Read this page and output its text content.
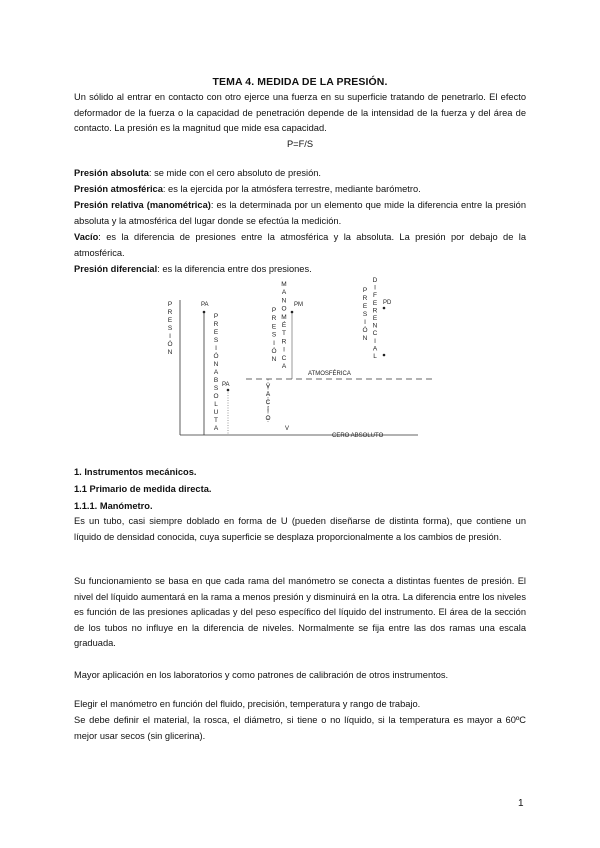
TEMA 4. MEDIDA DE LA PRESIÓN.
Un sólido al entrar en contacto con otro ejerce una fuerza en su superficie tratando de penetrarlo. El efecto deformador de la fuerza o la capacidad de penetración depende de la intensidad de la fuerza y del área de contacto. La presión es la magnitud que mide esa capacidad.
P=F/S
Presión absoluta: se mide con el cero absoluto de presión.
Presión atmosférica: es la ejercida por la atmósfera terrestre, mediante barómetro.
Presión relativa (manométrica): es la determinada por un elemento que mide la diferencia entre la presión absoluta y la atmosférica del lugar donde se efectúa la medición.
Vacío: es la diferencia de presiones entre la atmosférica y la absoluta. La presión por debajo de la atmosférica.
Presión diferencial: es la diferencia entre dos presiones.
P R E S I Ó N
P R E S I Ó N A B S O L U T A
P R E S I Ó NM A N O M É T R I C A
P R E S I Ó ND I F E R E N C I A L
V A C O
PA
PA
PM	PD
V
ATMOSFÉRICA
CERO ABSOLUTO
1. Instrumentos mecánicos.
1.1 Primario de medida directa.
1.1.1. Manómetro.
Es un tubo, casi siempre doblado en forma de U (pueden diseñarse de distinta forma), que contiene un líquido de densidad conocida, cuya superficie se desplaza proporcionalmente a los cambios de presión.
Su funcionamiento se basa en que cada rama del manómetro se conecta a distintas fuentes de presión. El nivel del líquido aumentará en la rama a menos presión y disminuirá en la otra. La diferencia entre los niveles es función de las presiones aplicadas y del peso específico del líquido del instrumento. El área de la sección de los tubos no influye en la diferencia de niveles. Normalmente se fija entre las dos ramas una escala graduada.
Mayor aplicación en los laboratorios y como patrones de calibración de otros instrumentos.
Elegir el manómetro en función del fluido, precisión, temperatura y rango de trabajo.
Se debe definir el material, la rosca, el diámetro, si tiene o no líquido, si la temperatura es mayor a 60ºC mejor usar secos (sin glicerina).
1
